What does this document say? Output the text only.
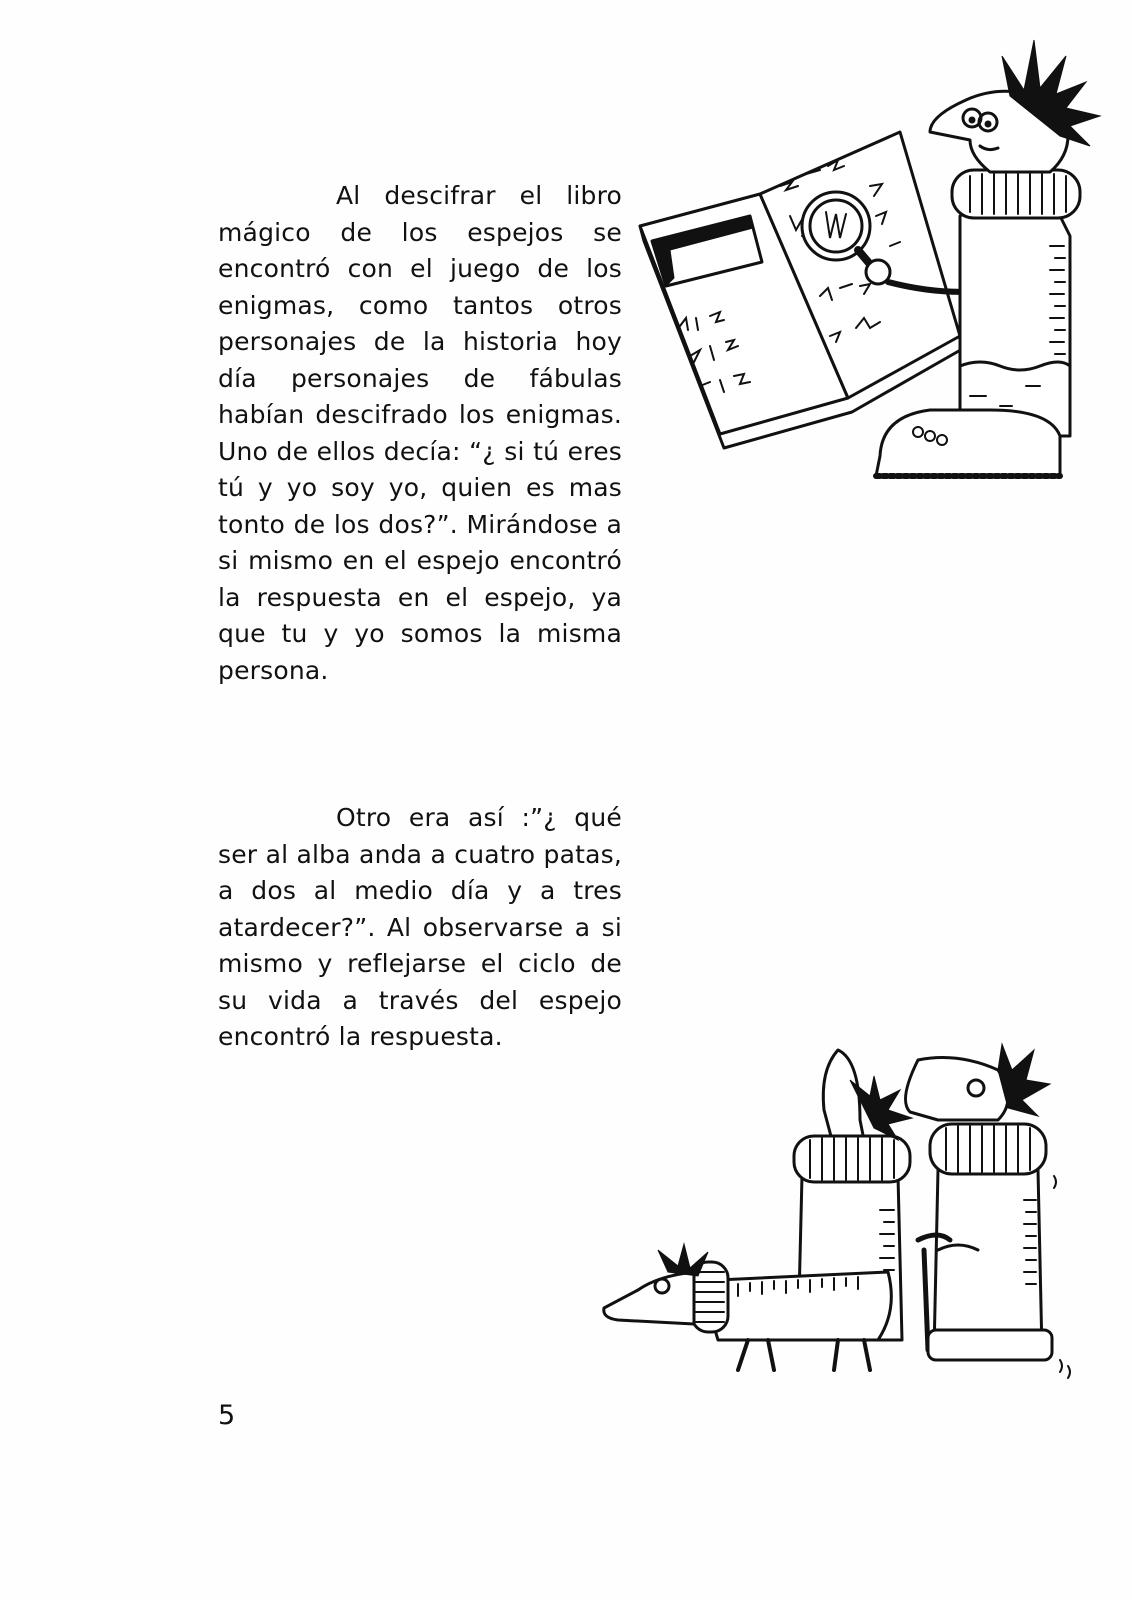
Al descifrar el libro mágico de los espejos se encontró con el juego de los enigmas, como tantos otros personajes de la historia hoy día personajes de fábulas habían descifrado los enigmas. Uno de ellos decía: “¿ si tú eres tú y yo soy yo, quien es mas tonto de los dos?”. Mirándose a si mismo en el espejo encontró la respuesta en el espejo, ya que tu y yo somos la misma persona.

Otro era así :”¿ qué ser al alba anda a cuatro patas, a dos al medio día y a tres atardecer?”. Al observarse a si mismo y reflejarse el ciclo de su vida a través del espejo encontró la respuesta.

5
